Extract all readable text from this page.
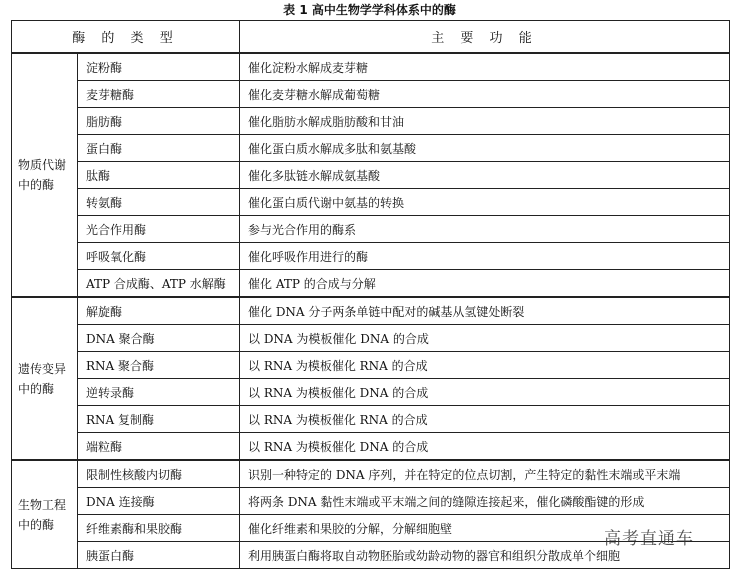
表 1 高中生物学学科体系中的酶
酶 的 类 型		主 要 功 能
物质代谢中的酶	淀粉酶	催化淀粉水解成麦芽糖
	麦芽糖酶	催化麦芽糖水解成葡萄糖
	脂肪酶	催化脂肪水解成脂肪酸和甘油
	蛋白酶	催化蛋白质水解成多肽和氨基酸
	肽酶	催化多肽链水解成氨基酸
	转氨酶	催化蛋白质代谢中氨基的转换
	光合作用酶	参与光合作用的酶系
	呼吸氧化酶	催化呼吸作用进行的酶
	ATP 合成酶、ATP 水解酶	催化 ATP 的合成与分解
遗传变异中的酶	解旋酶	催化 DNA 分子两条单链中配对的碱基从氢键处断裂
	DNA 聚合酶	以 DNA 为模板催化 DNA 的合成
	RNA 聚合酶	以 RNA 为模板催化 RNA 的合成
	逆转录酶	以 RNA 为模板催化 DNA 的合成
	RNA 复制酶	以 RNA 为模板催化 RNA 的合成
	端粒酶	以 RNA 为模板催化 DNA 的合成
生物工程中的酶	限制性核酸内切酶	识别一种特定的 DNA 序列，并在特定的位点切割，产生特定的黏性末端或平末端
	DNA 连接酶	将两条 DNA 黏性末端或平末端之间的缝隙连接起来，催化磷酸酯键的形成
	纤维素酶和果胶酶	催化纤维素和果胶的分解，分解细胞壁
	胰蛋白酶	利用胰蛋白酶将取自动物胚胎或幼龄动物的器官和组织分散成单个细胞
高考直通车
